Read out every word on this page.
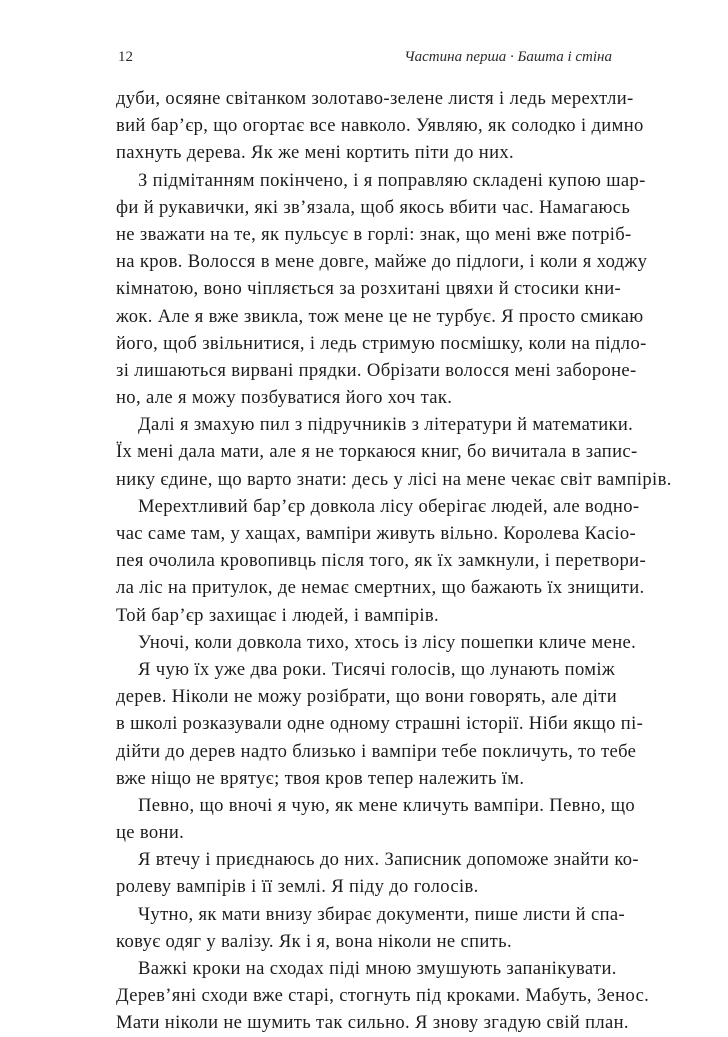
12	Частина перша · Башта і стіна
дуби, осяяне світанком золотаво-зелене листя і ледь мерехтли-
вий бар’єр, що огортає все навколо. Уявляю, як солодко і димно
пахнуть дерева. Як же мені кортить піти до них.
З підмітанням покінчено, і я поправляю складені купою шар-
фи й рукавички, які зв’язала, щоб якось вбити час. Намагаюсь
не зважати на те, як пульсує в горлі: знак, що мені вже потріб-
на кров. Волосся в мене довге, майже до підлоги, і коли я ходжу
кімнатою, воно чіпляється за розхитані цвяхи й стосики кни-
жок. Але я вже звикла, тож мене це не турбує. Я просто смикаю
його, щоб звільнитися, і ледь стримую посмішку, коли на підло-
зі лишаються вирвані прядки. Обрізати волосся мені заборонe-
но, але я можу позбуватися його хоч так.
Далі я змахую пил з підручників з літератури й математики.
Їх мені дала мати, але я не торкаюся книг, бо вичитала в запис-
нику єдине, що варто знати: десь у лісі на мене чекає світ вампірів.
Мерехтливий бар’єр довкола лісу оберігає людей, але водно-
час саме там, у хащах, вампіри живуть вільно. Королева Касіо-
пея очолила кровопивць після того, як їх замкнули, і перетвори-
ла ліс на притулок, де немає смертних, що бажають їх знищити.
Той бар’єр захищає і людей, і вампірів.
Уночі, коли довкола тихо, хтось із лісу пошепки кличе мене.
Я чую їх уже два роки. Тисячі голосів, що лунають поміж
дерев. Ніколи не можу розібрати, що вони говорять, але діти
в школі розказували одне одному страшні історії. Ніби якщо пі-
дійти до дерев надто близько і вампіри тебе покличуть, то тебе
вже ніщо не врятує; твоя кров тепер належить їм.
Певно, що вночі я чую, як мене кличуть вампіри. Певно, що
це вони.
Я втечу і приєднаюсь до них. Записник допоможе знайти ко-
ролеву вампірів і її землі. Я піду до голосів.
Чутно, як мати внизу збирає документи, пише листи й спа-
ковує одяг у валізу. Як і я, вона ніколи не спить.
Важкі кроки на сходах піді мною змушують запанікувати.
Дерев’яні сходи вже старі, стогнуть під кроками. Мабуть, Зенос.
Мати ніколи не шумить так сильно. Я знову згадую свій план.
